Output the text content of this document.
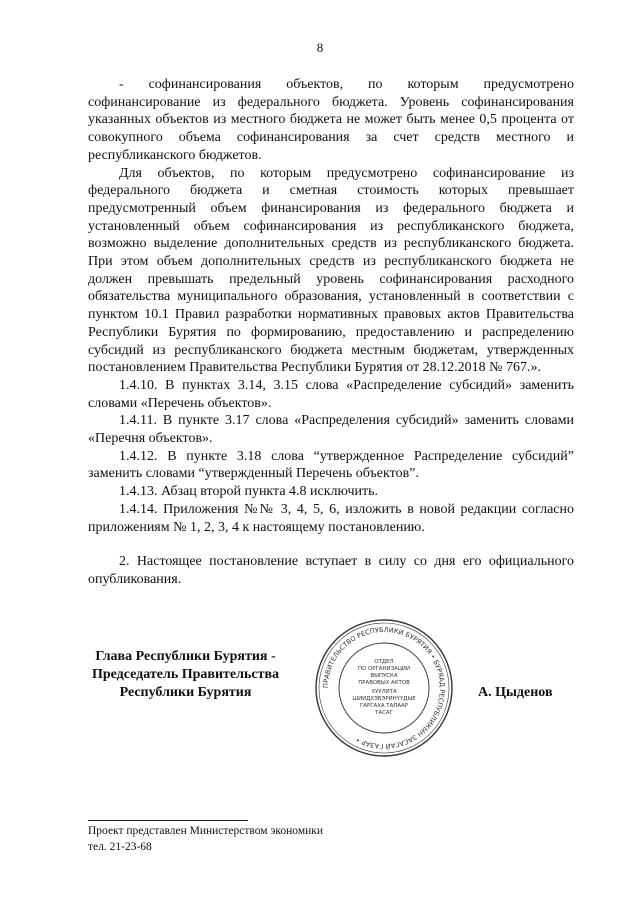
8

- софинансирования объектов, по которым предусмотрено софинансирование из федерального бюджета. Уровень софинансирования указанных объектов из местного бюджета не может быть менее 0,5 процента от совокупного объема софинансирования за счет средств местного и республиканского бюджетов.

Для объектов, по которым предусмотрено софинансирование из федерального бюджета и сметная стоимость которых превышает предусмотренный объем финансирования из федерального бюджета и установленный объем софинансирования из республиканского бюджета, возможно выделение дополнительных средств из республиканского бюджета. При этом объем дополнительных средств из республиканского бюджета не должен превышать предельный уровень софинансирования расходного обязательства муниципального образования, установленный в соответствии с пунктом 10.1 Правил разработки нормативных правовых актов Правительства Республики Бурятия по формированию, предоставлению и распределению субсидий из республиканского бюджета местным бюджетам, утвержденных постановлением Правительства Республики Бурятия от 28.12.2018 № 767.».

1.4.10. В пунктах 3.14, 3.15 слова «Распределение субсидий» заменить словами «Перечень объектов».

1.4.11. В пункте 3.17 слова «Распределения субсидий» заменить словами «Перечня объектов».

1.4.12. В пункте 3.18 слова “утвержденное Распределение субсидий” заменить словами “утвержденный Перечень объектов”.

1.4.13. Абзац второй пункта 4.8 исключить.

1.4.14. Приложения №№ 3, 4, 5, 6, изложить в новой редакции согласно приложениям № 1, 2, 3, 4 к настоящему постановлению.

2. Настоящее постановление вступает в силу со дня его официального опубликования.

Глава Республики Бурятия -
Председатель Правительства
Республики Бурятия	ПРАВИТЕЛЬСТВО РЕСПУБЛИКИ БУРЯТИЯ • БУРЯАД РЕСПУБЛИКЫН ЗАСАГАЙ ГАЗАР •
ОТДЕЛ
ПО ОРГАНИЗАЦИИ
ВЫПУСКА
ПРАВОВЫХ АКТОВ
ХУУЛИТА
ШИИДХЭБЭРИНҮҮДЫЕ
ГАРГАХА ТАЛААР
ТАСАГ
А. Цыденов
Проект представлен Министерством экономики
тел. 21-23-68
